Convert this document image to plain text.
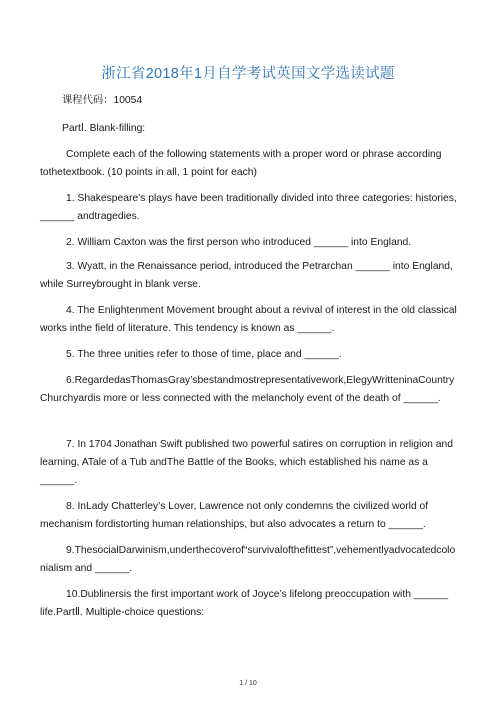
浙江省2018年1月自学考试英国文学选读试题
课程代码：10054
PartⅠ. Blank-filling:
Complete each of the following statements with a proper word or phrase according tothetextbook. (10 points in all, 1 point for each)
1. Shakespeare’s plays have been traditionally divided into three categories: histories, ______ andtragedies.
2. William Caxton was the first person who introduced ______ into England.
3. Wyatt, in the Renaissance period, introduced the Petrarchan ______ into England, while Surreybrought in blank verse.
4. The Enlightenment Movement brought about a revival of interest in the old classical works inthe field of literature. This tendency is known as ______.
5. The three unities refer to those of time, place and ______.
6.RegardedasThomasGray’sbestandmostrepresentativework,ElegyWritteninaCountryChurchyardis more or less connected with the melancholy event of the death of ______.
7. In 1704 Jonathan Swift published two powerful satires on corruption in religion and learning, ATale of a Tub andThe Battle of the Books, which established his name as a ______.
8. InLady Chatterley’s Lover, Lawrence not only condemns the civilized world of mechanism fordistorting human relationships, but also advocates a return to ______.
9.ThesocialDarwinism,underthecoverof“survivalofthefittest”,vehementlyadvocatedcolonialism and ______.
10.Dublinersis the first important work of Joyce’s lifelong preoccupation with ______ life.PartⅡ. Multiple-choice questions:
1 / 10
